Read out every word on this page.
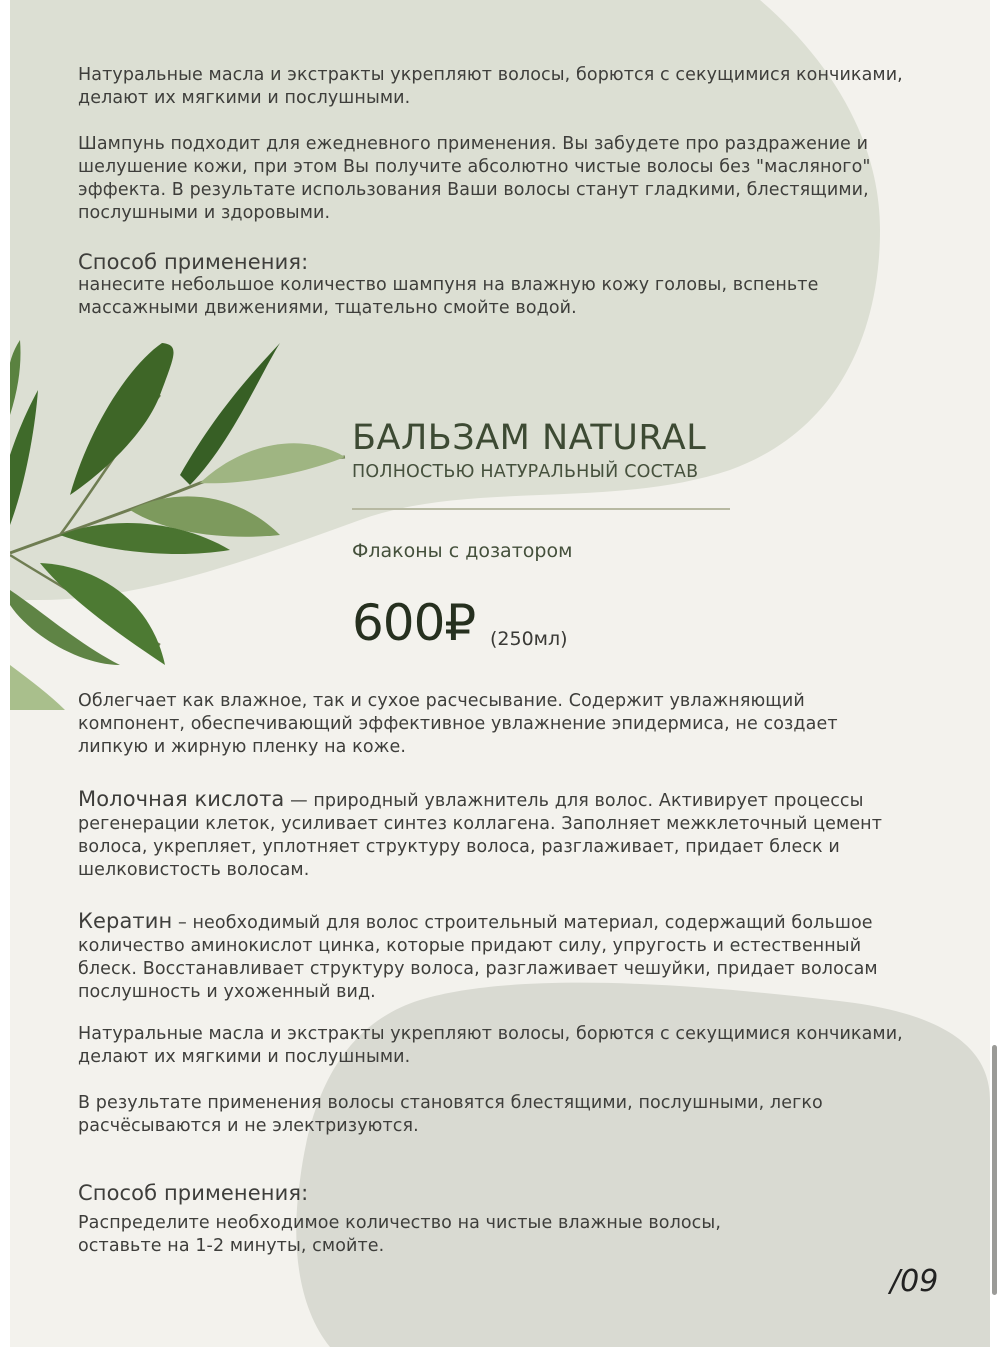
Натуральные масла и экстракты укрепляют волосы, борются с секущимися кончиками, делают их мягкими и послушными.
Шампунь подходит для ежедневного применения. Вы забудете про раздражение и шелушение кожи, при этом Вы получите абсолютно чистые волосы без "масляного" эффекта. В результате использования Ваши волосы станут гладкими, блестящими, послушными и здоровыми.
Способ применения:
нанесите небольшое количество шампуня на влажную кожу головы, вспеньте массажными движениями, тщательно смойте водой.
БАЛЬЗАМ NATURAL
ПОЛНОСТЬЮ НАТУРАЛЬНЫЙ СОСТАВ
Флаконы с дозатором
600₽ (250мл)
Облегчает как влажное, так и сухое расчесывание. Содержит увлажняющий компонент, обеспечивающий эффективное увлажнение эпидермиса, не создает липкую и жирную пленку на коже.
Молочная кислота — природный увлажнитель для волос. Активирует процессы регенерации клеток, усиливает синтез коллагена. Заполняет межклеточный цемент волоса, укрепляет, уплотняет структуру волоса, разглаживает, придает блеск и шелковистость волосам.
Кератин – необходимый для волос строительный материал, содержащий большое количество аминокислот цинка, которые придают силу, упругость и естественный блеск. Восстанавливает структуру волоса, разглаживает чешуйки, придает волосам послушность и ухоженный вид.
Натуральные масла и экстракты укрепляют волосы, борются с секущимися кончиками, делают их мягкими и послушными.
В результате применения волосы становятся блестящими, послушными, легко расчёсываются и не электризуются.
Способ применения:
Распределите необходимое количество на чистые влажные волосы, оставьте на 1-2 минуты, смойте.
/09
